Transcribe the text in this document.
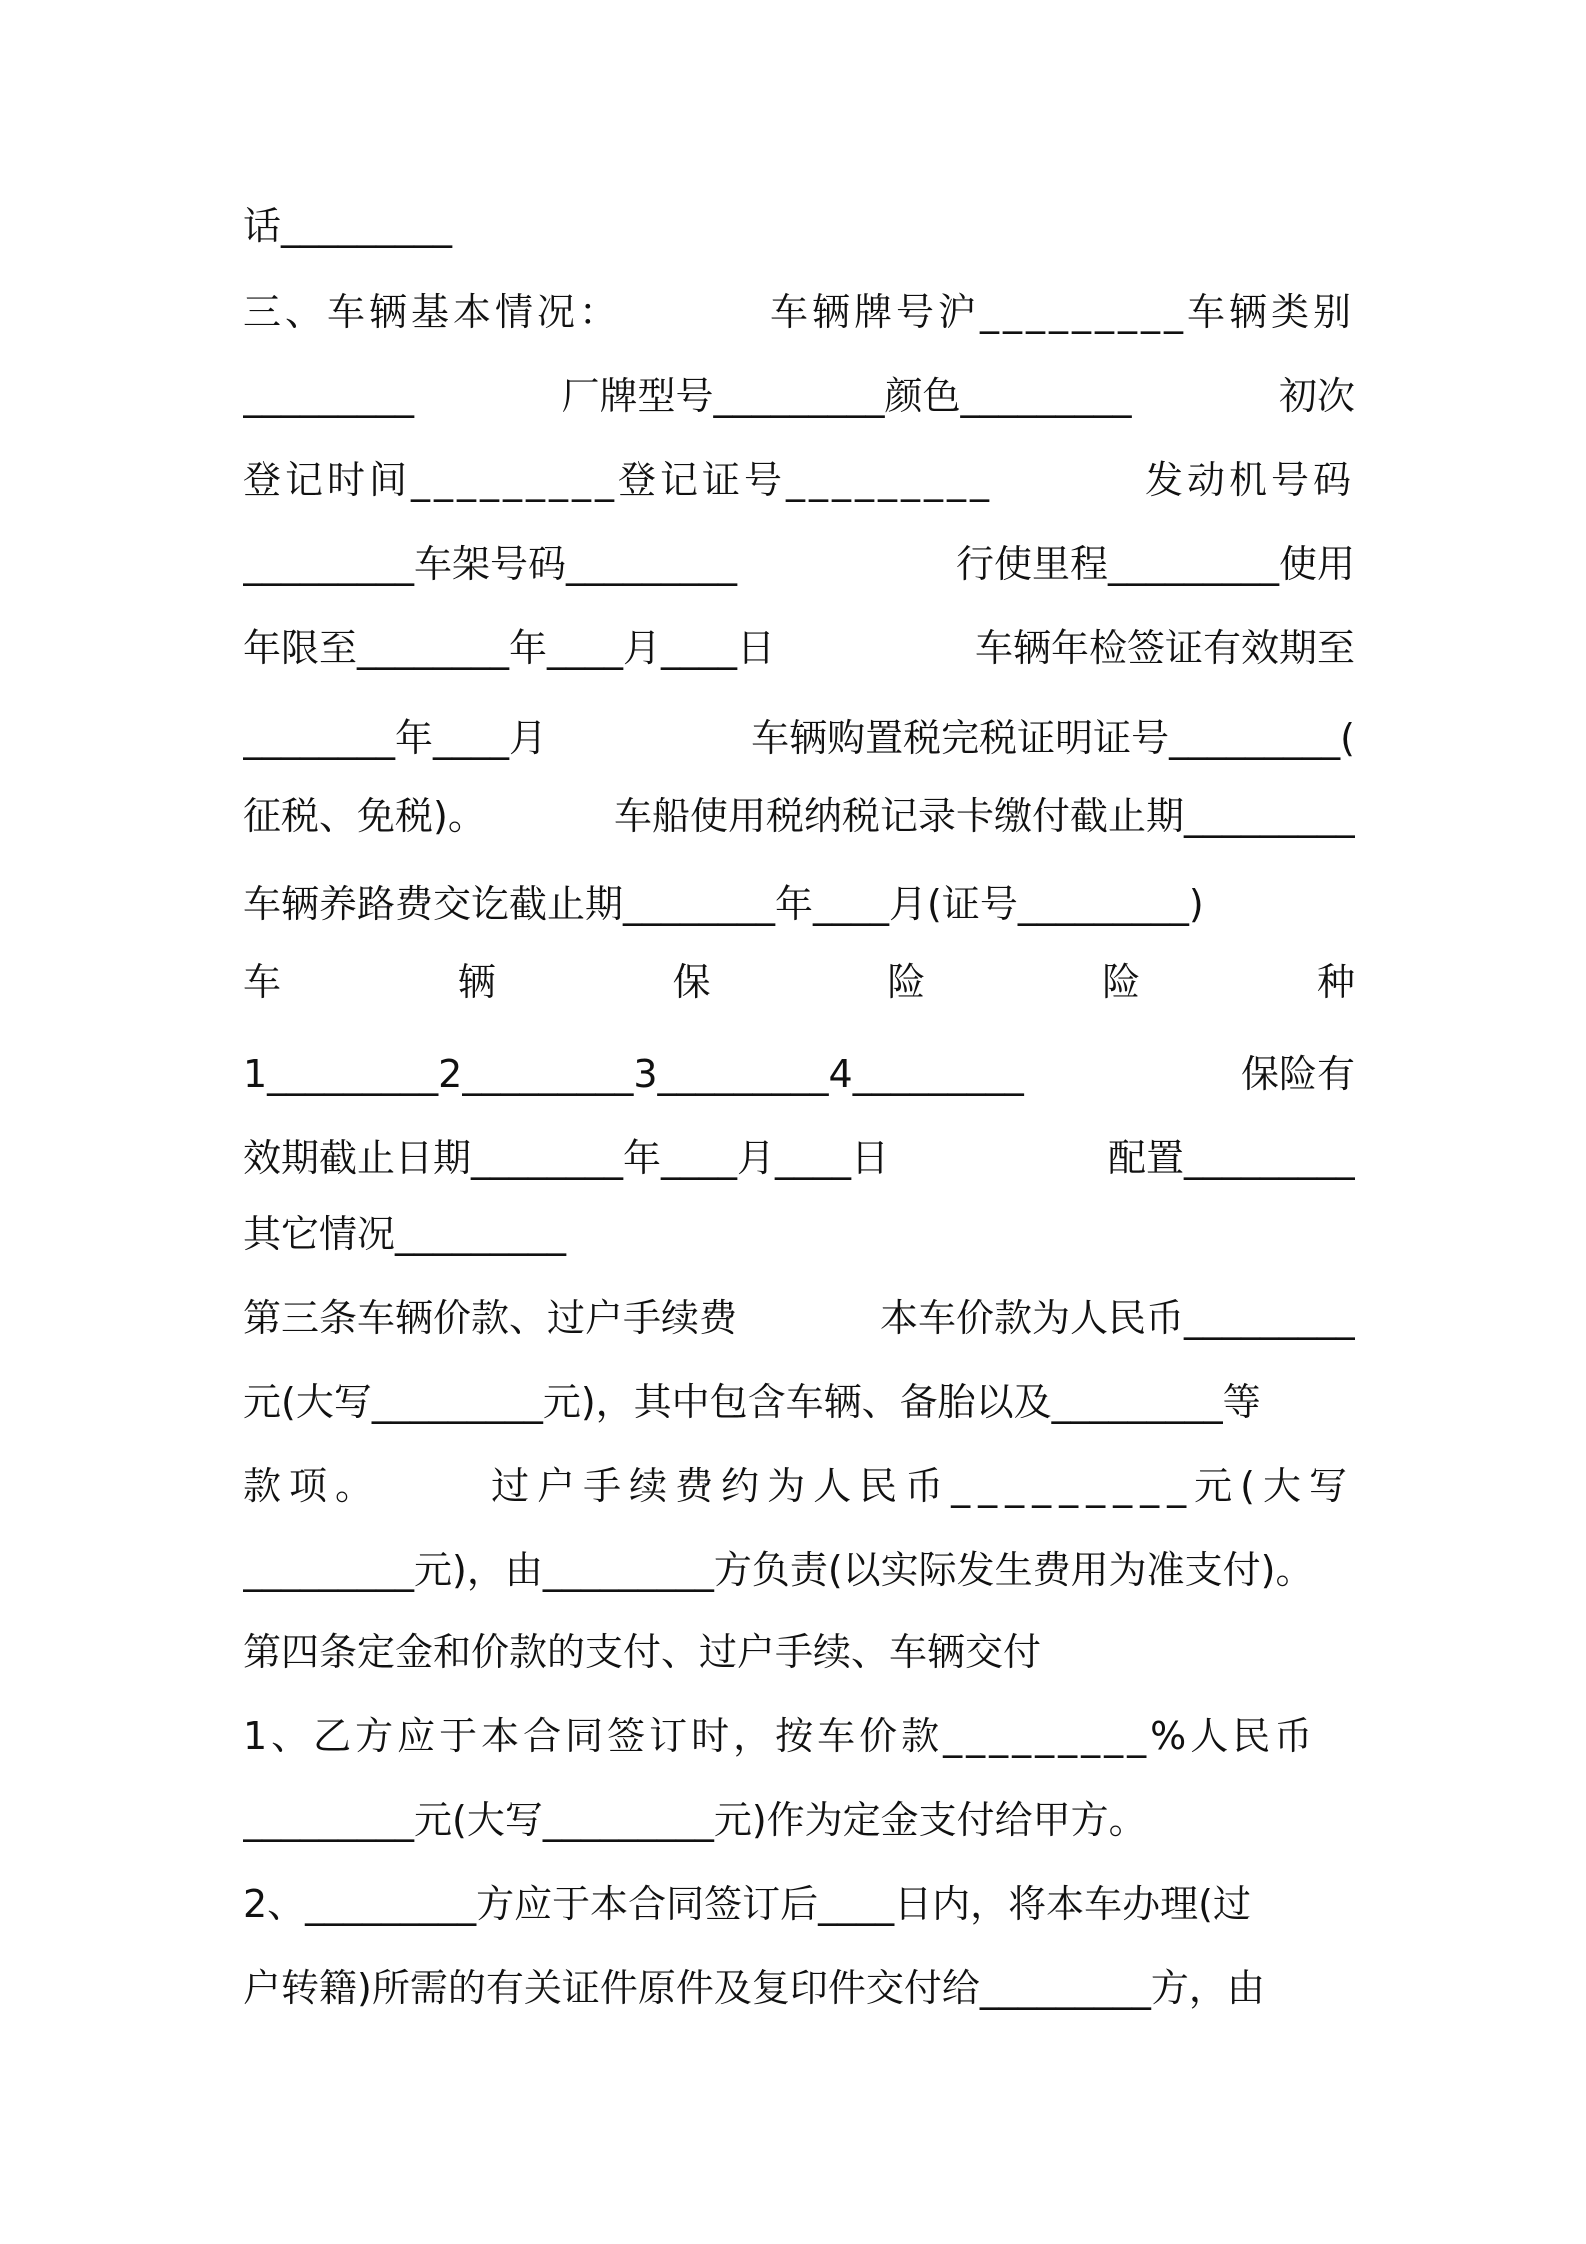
话_________
三、车辆基本情况：	车辆牌号沪_________车辆类别
_________	厂牌型号_________颜色_________	初次
登记时间_________登记证号_________	发动机号码
_________车架号码_________	行使里程_________使用
年限至________年____月____日	车辆年检签证有效期至
________年____月	车辆购置税完税证明证号_________(
征税、免税)。	车船使用税纳税记录卡缴付截止期_________
车辆养路费交讫截止期________年____月(证号_________)
车	辆	保	险	险	种
1_________2_________3_________4_________	保险有
效期截止日期________年____月____日	配置_________
其它情况_________
第三条车辆价款、过户手续费	本车价款为人民币_________
元(大写_________元)，其中包含车辆、备胎以及_________等
款项。	过户手续费约为人民币_________元(大写
_________元)，由_________方负责(以实际发生费用为准支付)。
第四条定金和价款的支付、过户手续、车辆交付
1、乙方应于本合同签订时，按车价款_________%人民币
_________元(大写_________元)作为定金支付给甲方。
2、_________方应于本合同签订后____日内，将本车办理(过
户转籍)所需的有关证件原件及复印件交付给_________方，由
